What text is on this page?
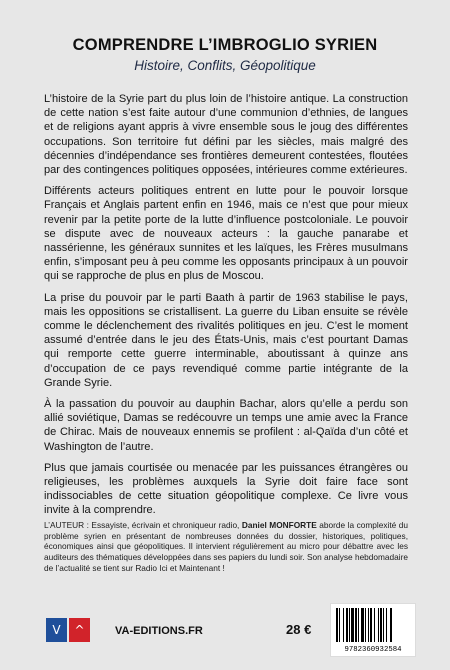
COMPRENDRE L’IMBROGLIO SYRIEN
Histoire, Conflits, Géopolitique

L’histoire de la Syrie part du plus loin de l’histoire antique. La construction de cette nation s’est faite autour d’une communion d’ethnies, de langues et de religions ayant appris à vivre ensemble sous le joug des différentes occupations. Son territoire fut défini par les siècles, mais malgré des décennies d’indépendance ses frontières demeurent contestées, floutées par des contingences politiques opposées, intérieures comme extérieures.

Différents acteurs politiques entrent en lutte pour le pouvoir lorsque Français et Anglais partent enfin en 1946, mais ce n’est que pour mieux revenir par la petite porte de la lutte d’influence postcoloniale. Le pouvoir se dispute avec de nouveaux acteurs : la gauche panarabe et nassérienne, les généraux sunnites et les laïques, les Frères musulmans enfin, s’imposant peu à peu comme les opposants principaux à un pouvoir qui se rapproche de plus en plus de Moscou.

La prise du pouvoir par le parti Baath à partir de 1963 stabilise le pays, mais les oppositions se cristallisent. La guerre du Liban ensuite se révèle comme le déclenchement des rivalités politiques en jeu. C’est le moment assumé d’entrée dans le jeu des États-Unis, mais c’est pourtant Damas qui remporte cette guerre interminable, aboutissant à quinze ans d’occupation de ce pays revendiqué comme partie intégrante de la Grande Syrie.

À la passation du pouvoir au dauphin Bachar, alors qu’elle a perdu son allié soviétique, Damas se redécouvre un temps une amie avec la France de Chirac. Mais de nouveaux ennemis se profilent : al-Qaïda d’un côté et Washington de l’autre.

Plus que jamais courtisée ou menacée par les puissances étrangères ou religieuses, les problèmes auxquels la Syrie doit faire face sont indissociables de cette situation géopolitique complexe. Ce livre vous invite à la comprendre.

L’AUTEUR : Essayiste, écrivain et chroniqueur radio, Daniel MONFORTE aborde la complexité du problème syrien en présentant de nombreuses données du dossier, historiques, politiques, économiques ainsi que géopolitiques. Il intervient régulièrement au micro pour débattre avec les auditeurs des thématiques développées dans ses papiers du lundi soir. Son analyse hebdomadaire de l’actualité se tient sur Radio Ici et Maintenant !
V	^	VA-EDITIONS.FR	28 €
9782360932584
